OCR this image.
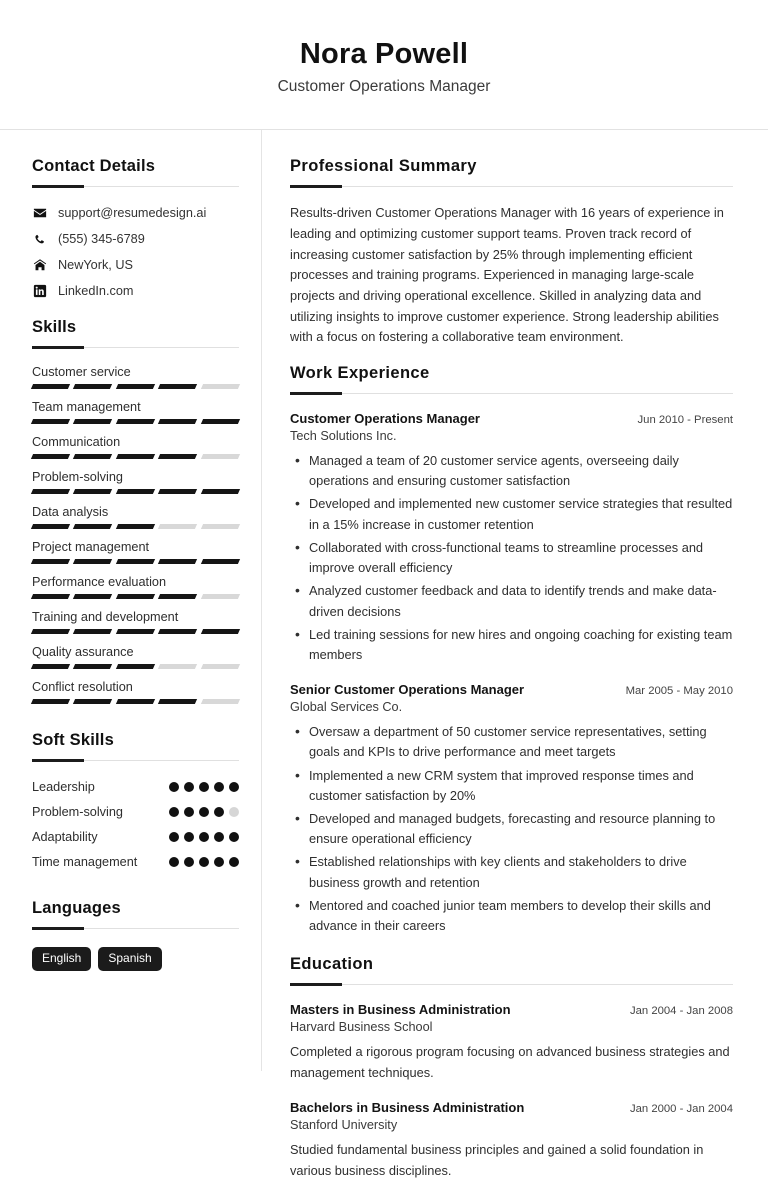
Nora Powell
Customer Operations Manager
Contact Details
support@resumedesign.ai
(555) 345-6789
NewYork, US
LinkedIn.com
Skills
Customer service
Team management
Communication
Problem-solving
Data analysis
Project management
Performance evaluation
Training and development
Quality assurance
Conflict resolution
Soft Skills
Leadership
Problem-solving
Adaptability
Time management
Languages
English	Spanish
Professional Summary
Results-driven Customer Operations Manager with 16 years of experience in leading and optimizing customer support teams. Proven track record of increasing customer satisfaction by 25% through implementing efficient processes and training programs. Experienced in managing large-scale projects and driving operational excellence. Skilled in analyzing data and utilizing insights to improve customer experience. Strong leadership abilities with a focus on fostering a collaborative team environment.
Work Experience
Customer Operations Manager	Jun 2010 - Present
Tech Solutions Inc.
• Managed a team of 20 customer service agents, overseeing daily operations and ensuring customer satisfaction
• Developed and implemented new customer service strategies that resulted in a 15% increase in customer retention
• Collaborated with cross-functional teams to streamline processes and improve overall efficiency
• Analyzed customer feedback and data to identify trends and make data-driven decisions
• Led training sessions for new hires and ongoing coaching for existing team members
Senior Customer Operations Manager	Mar 2005 - May 2010
Global Services Co.
• Oversaw a department of 50 customer service representatives, setting goals and KPIs to drive performance and meet targets
• Implemented a new CRM system that improved response times and customer satisfaction by 20%
• Developed and managed budgets, forecasting and resource planning to ensure operational efficiency
• Established relationships with key clients and stakeholders to drive business growth and retention
• Mentored and coached junior team members to develop their skills and advance in their careers
Education
Masters in Business Administration	Jan 2004 - Jan 2008
Harvard Business School
Completed a rigorous program focusing on advanced business strategies and management techniques.
Bachelors in Business Administration	Jan 2000 - Jan 2004
Stanford University
Studied fundamental business principles and gained a solid foundation in various business disciplines.
